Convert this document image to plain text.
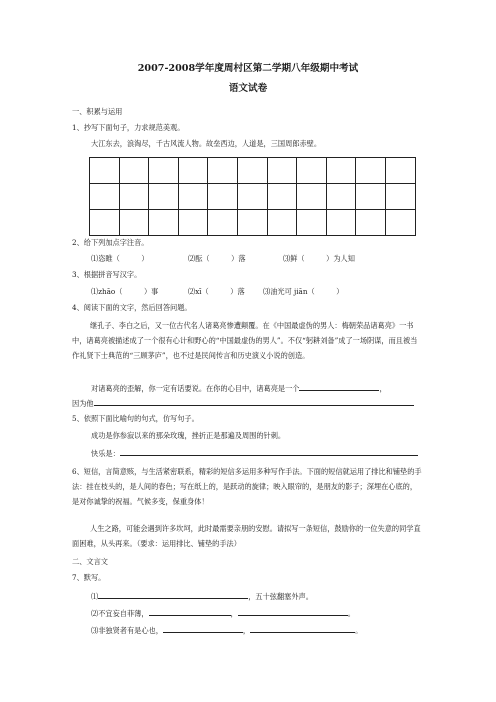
2007-2008学年度周村区第二学期八年级期中考试
语文试卷
一、积累与运用
1、抄写下面句子，力求规范美观。
大江东去，浪淘尽，千古风流人物。故垒西边，人道是，三国周郎赤壁。

2、给下列加点字注音。
⑴恣睢（　　　）	⑵酝（　　　）落	⑶鲜（　　　）为人知
3、根据拼音写汉字。
⑴zhāo（　　　）事	⑵xī（　　　）落	⑶油光可 jiān（　　　）
4、阅读下面的文字，然后回答问题。
继孔子、李白之后，又一位古代名人诸葛亮惨遭颠覆。在《中国最虚伪的男人：梅朝荣品诸葛亮》一书中，诸葛亮被描述成了一个很有心计和野心的“中国最虚伪的男人”。不仅“躬耕刘备”成了一场阴谋，而且被当作礼贤下士典范的“三顾茅庐”，也不过是民间传言和历史演义小说的创造。
对诸葛亮的歪解，你一定有话要说。在你的心目中，诸葛亮是一个	，
因为他
5、依照下面比喻句的句式，仿写句子。
成功是你参寂以来的那朵玫瑰，挫折正是那遍及周围的针刺。
快乐是：
6、短信，言简意赅，与生活紧密联系，精彩的短信多运用多种写作手法。下面的短信就运用了排比和铺垫的手法：挂在枝头的，是人间的春色；写在纸上的，是跃动的旋律；映入眼帘的，是朋友的影子；深埋在心底的，是对你诚挚的祝福。气候多变，保重身体！
人生之路，可能会遇到许多坎坷，此时最需要亲朋的安慰。请拟写一条短信，鼓励你的一位失意的同学直面困难，从头再来。（要求：运用排比、铺垫的手法）
二、文言文
7、默写。
⑴	，五十弦翻塞外声。
⑵不宜妄自菲薄，	，	。
⑶非独贤者有是心也，	，	。
